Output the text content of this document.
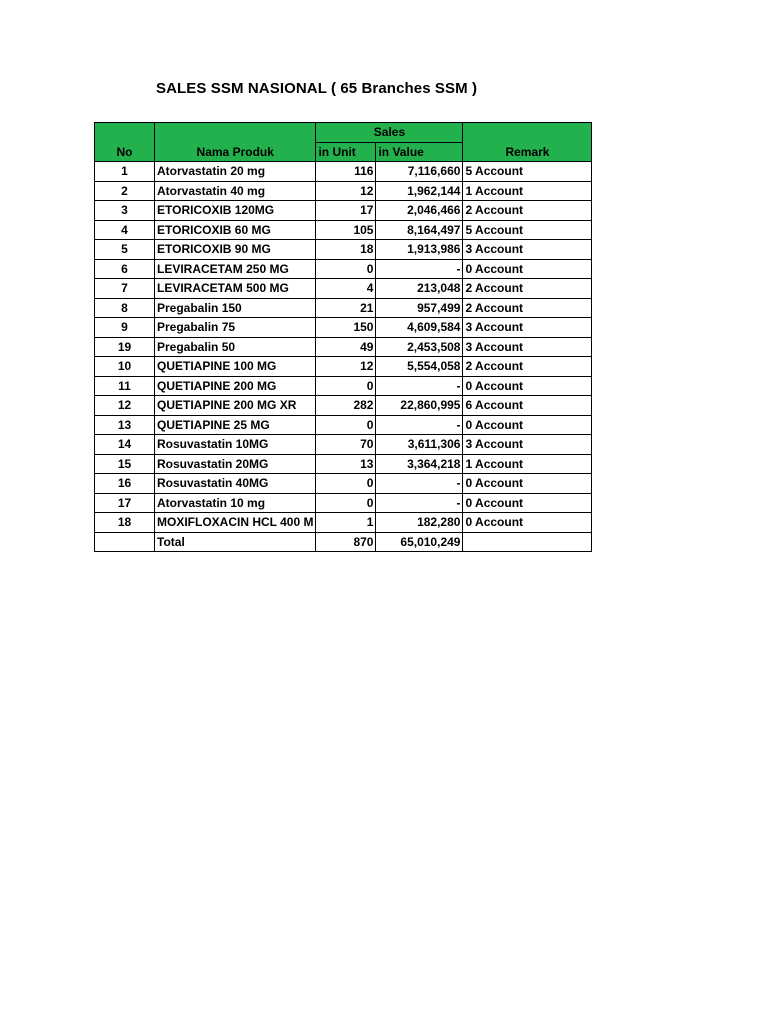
SALES SSM NASIONAL ( 65 Branches SSM )
No	Nama Produk	Sales		Remark
		in Unit	in Value	
1	Atorvastatin 20 mg	116	7,116,660	5 Account
2	Atorvastatin 40 mg	12	1,962,144	1 Account
3	ETORICOXIB 120MG	17	2,046,466	2 Account
4	ETORICOXIB 60 MG	105	8,164,497	5 Account
5	ETORICOXIB 90 MG	18	1,913,986	3 Account
6	LEVIRACETAM 250 MG	0	-	0 Account
7	LEVIRACETAM 500 MG	4	213,048	2 Account
8	Pregabalin 150	21	957,499	2 Account
9	Pregabalin 75	150	4,609,584	3 Account
19	Pregabalin 50	49	2,453,508	3 Account
10	QUETIAPINE 100 MG	12	5,554,058	2 Account
11	QUETIAPINE 200 MG	0	-	0 Account
12	QUETIAPINE 200 MG XR	282	22,860,995	6 Account
13	QUETIAPINE 25 MG	0	-	0 Account
14	Rosuvastatin 10MG	70	3,611,306	3 Account
15	Rosuvastatin 20MG	13	3,364,218	1 Account
16	Rosuvastatin 40MG	0	-	0 Account
17	Atorvastatin 10 mg	0	-	0 Account
18	MOXIFLOXACIN HCL 400 M	1	182,280	0 Account
	Total	870	65,010,249	
